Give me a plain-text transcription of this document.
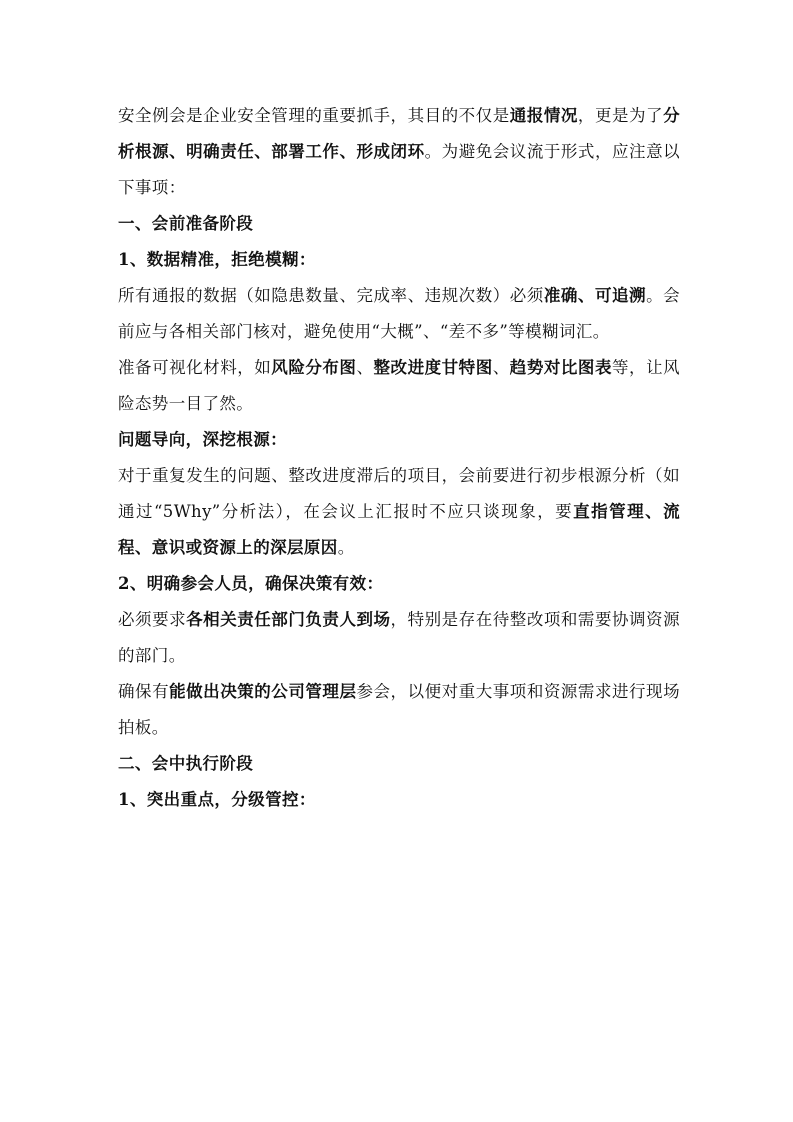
安全例会是企业安全管理的重要抓手，其目的不仅是通报情况，更是为了分析根源、明确责任、部署工作、形成闭环。为避免会议流于形式，应注意以下事项：

一、会前准备阶段

1、数据精准，拒绝模糊：

所有通报的数据（如隐患数量、完成率、违规次数）必须准确、可追溯。会前应与各相关部门核对，避免使用“大概”、“差不多”等模糊词汇。

准备可视化材料，如风险分布图、整改进度甘特图、趋势对比图表等，让风险态势一目了然。

问题导向，深挖根源：

对于重复发生的问题、整改进度滞后的项目，会前要进行初步根源分析（如通过“5Why”分析法），在会议上汇报时不应只谈现象，要直指管理、流程、意识或资源上的深层原因。

2、明确参会人员，确保决策有效：

必须要求各相关责任部门负责人到场，特别是存在待整改项和需要协调资源的部门。

确保有能做出决策的公司管理层参会，以便对重大事项和资源需求进行现场拍板。

二、会中执行阶段

1、突出重点，分级管控：
